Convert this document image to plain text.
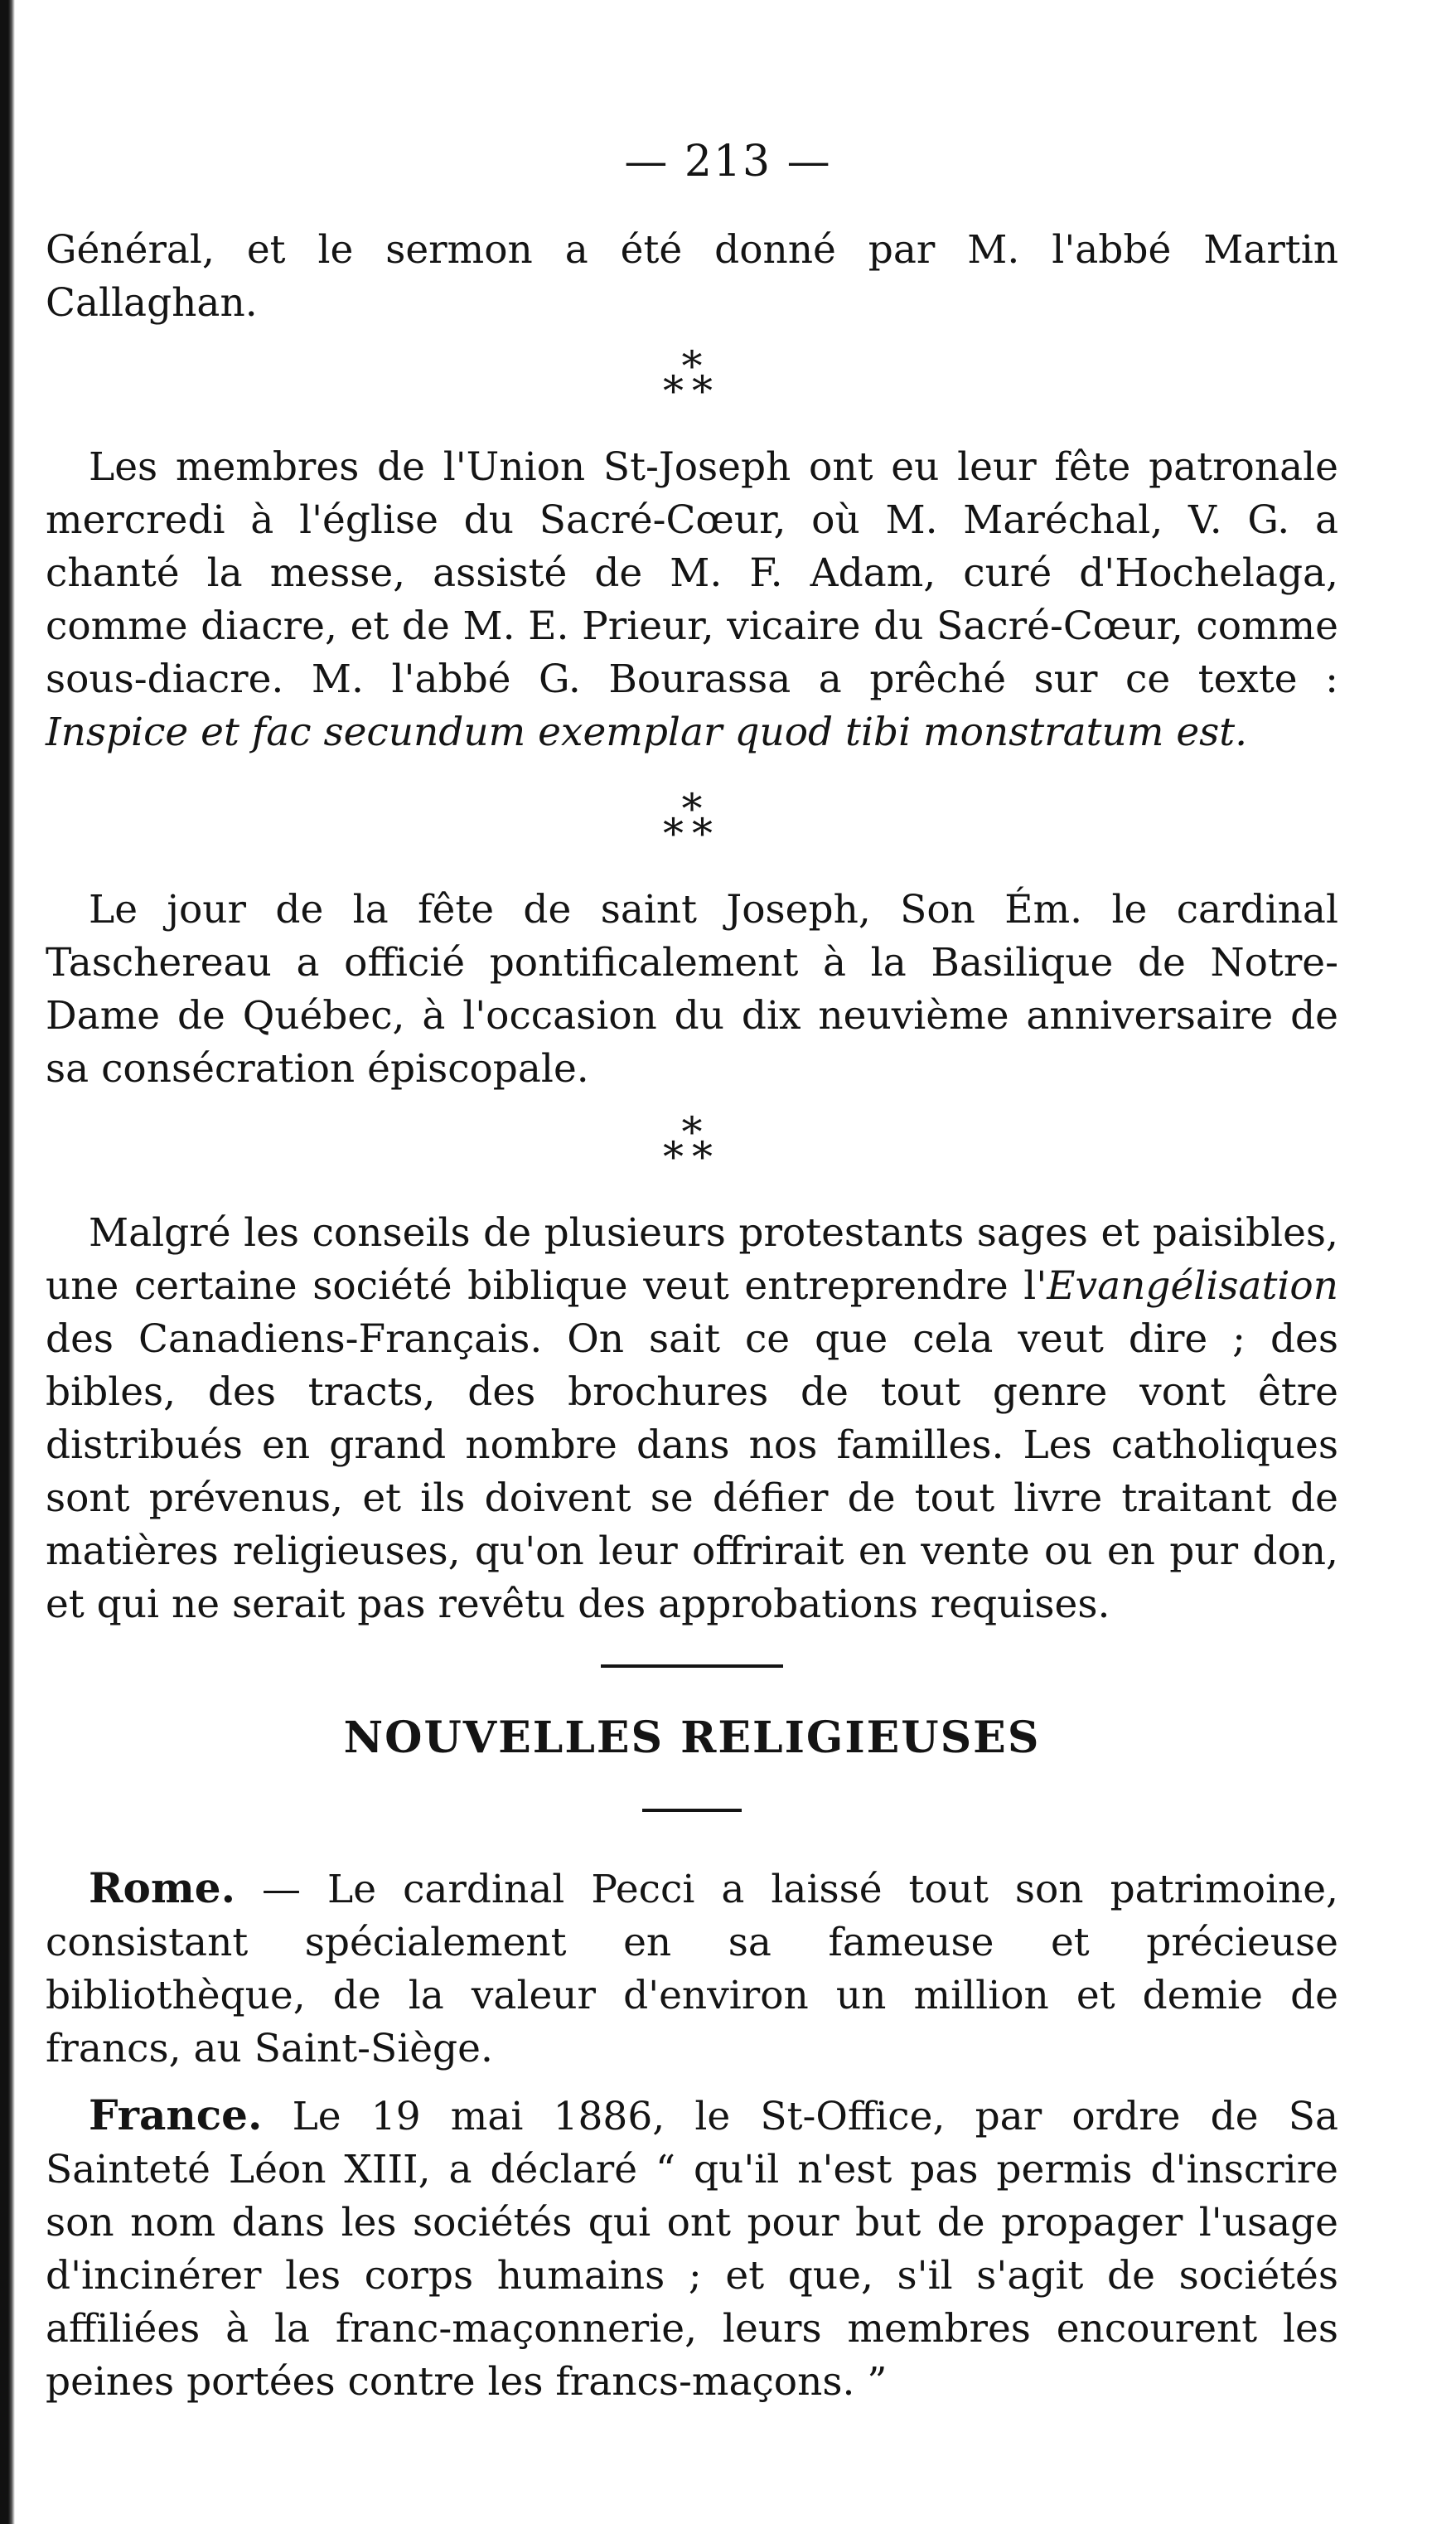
— 213 —

Général, et le sermon a été donné par M. l'abbé Martin Callaghan.

*
**

Les membres de l'Union St-Joseph ont eu leur fête patronale mercredi à l'église du Sacré-Cœur, où M. Maréchal, V. G. a chanté la messe, assisté de M. F. Adam, curé d'Hochelaga, comme diacre, et de M. E. Prieur, vicaire du Sacré-Cœur, comme sous-diacre. M. l'abbé G. Bourassa a prêché sur ce texte : Inspice et fac secundum exemplar quod tibi monstratum est.

*
**

Le jour de la fête de saint Joseph, Son Ém. le cardinal Taschereau a officié pontificalement à la Basilique de Notre-Dame de Québec, à l'occasion du dix neuvième anniversaire de sa consécration épiscopale.

*
**

Malgré les conseils de plusieurs protestants sages et paisibles, une certaine société biblique veut entreprendre l'Evangélisation des Canadiens-Français. On sait ce que cela veut dire ; des bibles, des tracts, des brochures de tout genre vont être distribués en grand nombre dans nos familles. Les catholiques sont prévenus, et ils doivent se défier de tout livre traitant de matières religieuses, qu'on leur offrirait en vente ou en pur don, et qui ne serait pas revêtu des approbations requises.

NOUVELLES RELIGIEUSES

Rome. — Le cardinal Pecci a laissé tout son patrimoine, consistant spécialement en sa fameuse et précieuse bibliothèque, de la valeur d'environ un million et demie de francs, au Saint-Siège.

France. Le 19 mai 1886, le St-Office, par ordre de Sa Sainteté Léon XIII, a déclaré “ qu'il n'est pas permis d'inscrire son nom dans les sociétés qui ont pour but de propager l'usage d'incinérer les corps humains ; et que, s'il s'agit de sociétés affiliées à la franc-maçonnerie, leurs membres encourent les peines portées contre les francs-maçons. ”
